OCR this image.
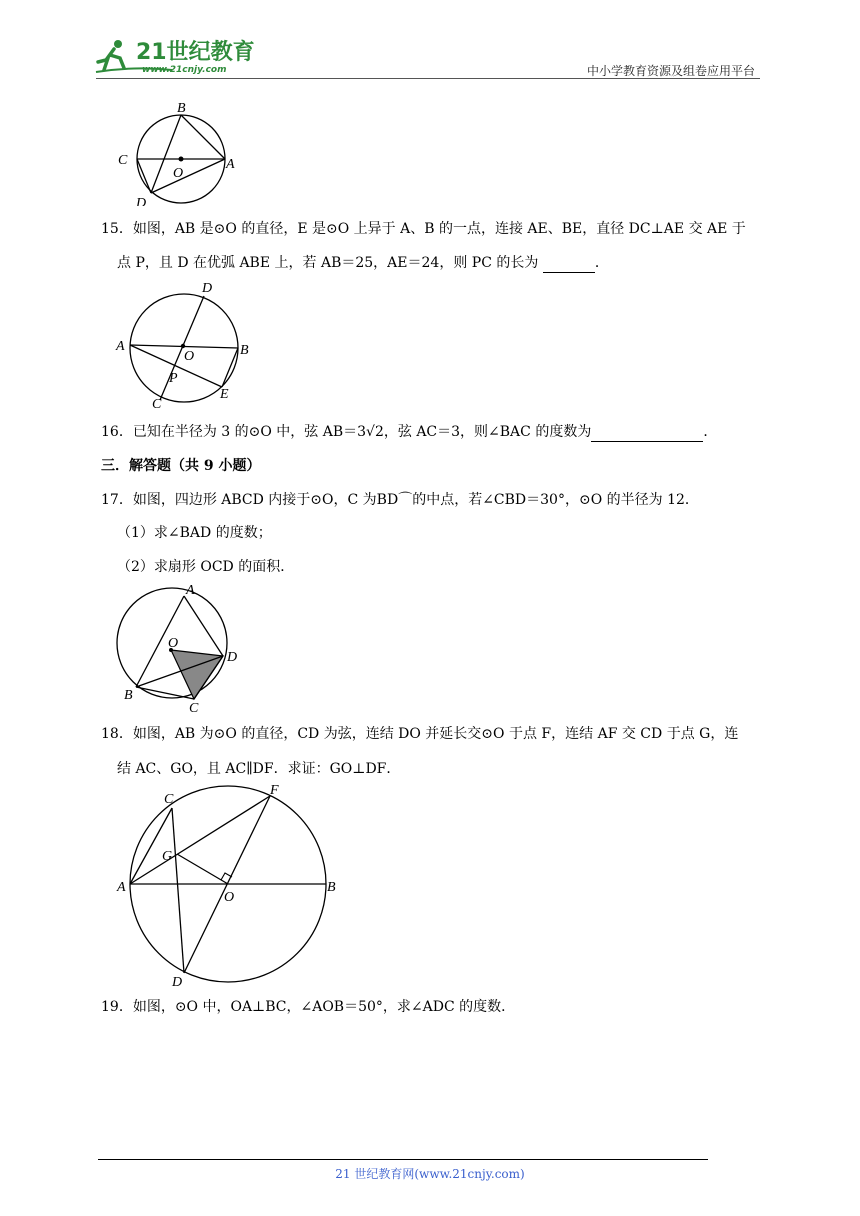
21世纪教育
www.21cnjy.com	中小学教育资源及组卷应用平台
B
C
O
A
D
15．如图，AB 是⊙O 的直径，E 是⊙O 上异于 A、B 的一点，连接 AE、BE，直径 DC⊥AE 交 AE 于
点 P，且 D 在优弧 ABE 上，若 AB＝25，AE＝24，则 PC 的长为	．
D
A
O	B
P
E
C
16．已知在半径为 3 的⊙O 中，弦 AB＝3√2，弦 AC＝3，则∠BAC 的度数为	．
三．解答题（共 9 小题）
17．如图，四边形 ABCD 内接于⊙O，C 为BD⌒的中点，若∠CBD＝30°，⊙O 的半径为 12．
（1）求∠BAD 的度数；
（2）求扇形 OCD 的面积．
A
O
D
B
C
18．如图，AB 为⊙O 的直径，CD 为弦，连结 DO 并延长交⊙O 于点 F，连结 AF 交 CD 于点 G，连
结 AC、GO，且 AC∥DF．求证：GO⊥DF．
C
F
G
A
O
B
D
19．如图，⊙O 中，OA⊥BC，∠AOB＝50°，求∠ADC 的度数．
21 世纪教育网(www.21cnjy.com)
